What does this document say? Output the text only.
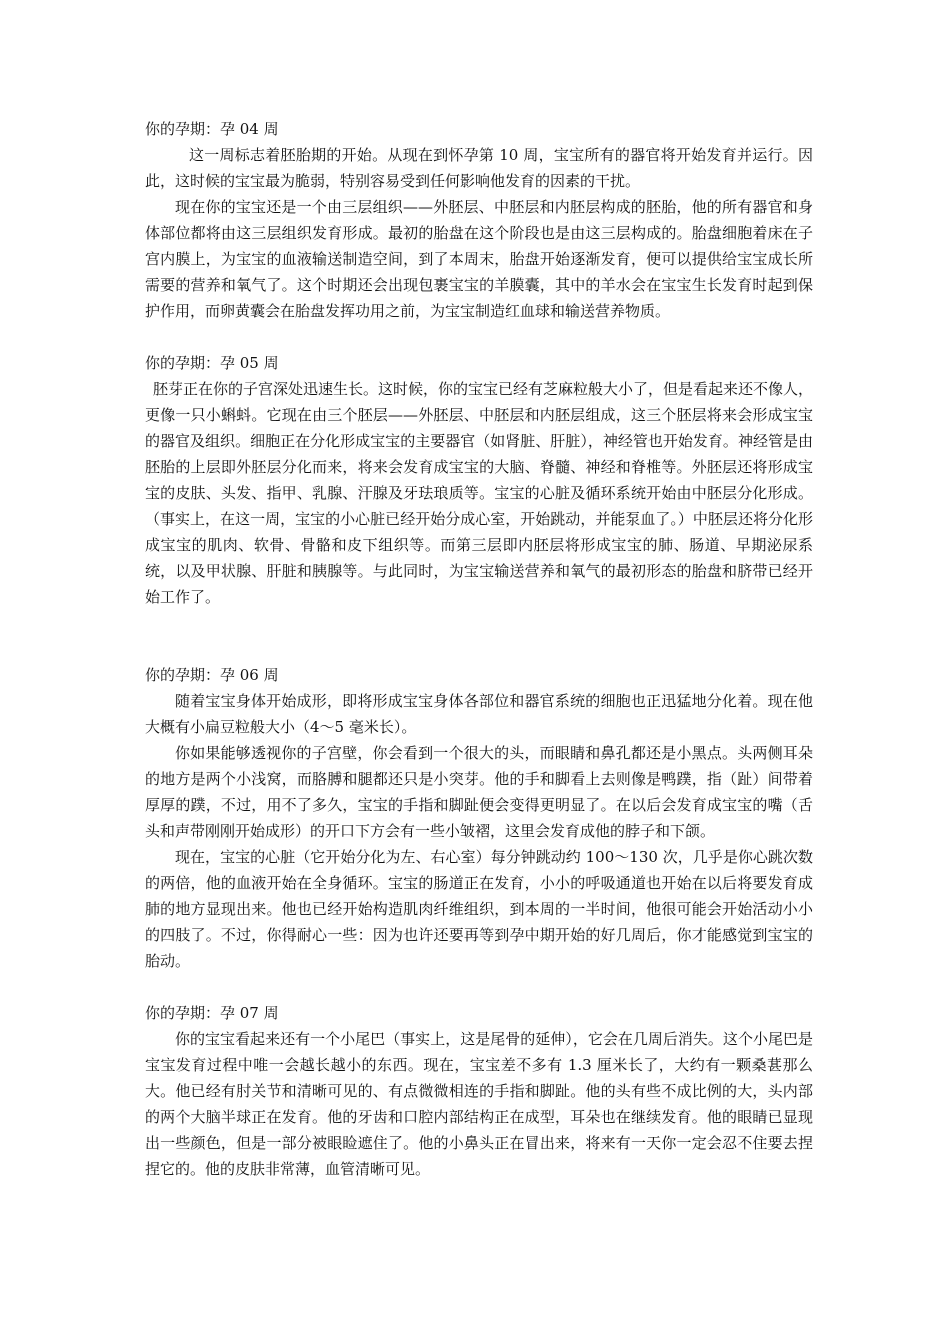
你的孕期：孕 04 周

这一周标志着胚胎期的开始。从现在到怀孕第 10 周，宝宝所有的器官将开始发育并运行。因此，这时候的宝宝最为脆弱，特别容易受到任何影响他发育的因素的干扰。

现在你的宝宝还是一个由三层组织——外胚层、中胚层和内胚层构成的胚胎，他的所有器官和身体部位都将由这三层组织发育形成。最初的胎盘在这个阶段也是由这三层构成的。胎盘细胞着床在子宫内膜上，为宝宝的血液输送制造空间，到了本周末，胎盘开始逐渐发育，便可以提供给宝宝成长所需要的营养和氧气了。这个时期还会出现包裹宝宝的羊膜囊，其中的羊水会在宝宝生长发育时起到保护作用，而卵黄囊会在胎盘发挥功用之前，为宝宝制造红血球和输送营养物质。

你的孕期：孕 05 周

胚芽正在你的子宫深处迅速生长。这时候，你的宝宝已经有芝麻粒般大小了，但是看起来还不像人，更像一只小蝌蚪。它现在由三个胚层——外胚层、中胚层和内胚层组成，这三个胚层将来会形成宝宝的器官及组织。细胞正在分化形成宝宝的主要器官（如肾脏、肝脏），神经管也开始发育。神经管是由胚胎的上层即外胚层分化而来，将来会发育成宝宝的大脑、脊髓、神经和脊椎等。外胚层还将形成宝宝的皮肤、头发、指甲、乳腺、汗腺及牙珐琅质等。宝宝的心脏及循环系统开始由中胚层分化形成。（事实上，在这一周，宝宝的小心脏已经开始分成心室，开始跳动，并能泵血了。）中胚层还将分化形成宝宝的肌肉、软骨、骨骼和皮下组织等。而第三层即内胚层将形成宝宝的肺、肠道、早期泌尿系统，以及甲状腺、肝脏和胰腺等。与此同时，为宝宝输送营养和氧气的最初形态的胎盘和脐带已经开始工作了。

你的孕期：孕 06 周

随着宝宝身体开始成形，即将形成宝宝身体各部位和器官系统的细胞也正迅猛地分化着。现在他大概有小扁豆粒般大小（4～5 毫米长）。

你如果能够透视你的子宫壁，你会看到一个很大的头，而眼睛和鼻孔都还是小黑点。头两侧耳朵的地方是两个小浅窝，而胳膊和腿都还只是小突芽。他的手和脚看上去则像是鸭蹼，指（趾）间带着厚厚的蹼，不过，用不了多久，宝宝的手指和脚趾便会变得更明显了。在以后会发育成宝宝的嘴（舌头和声带刚刚开始成形）的开口下方会有一些小皱褶，这里会发育成他的脖子和下颌。

现在，宝宝的心脏（它开始分化为左、右心室）每分钟跳动约 100～130 次，几乎是你心跳次数的两倍，他的血液开始在全身循环。宝宝的肠道正在发育，小小的呼吸通道也开始在以后将要发育成肺的地方显现出来。他也已经开始构造肌肉纤维组织，到本周的一半时间，他很可能会开始活动小小的四肢了。不过，你得耐心一些：因为也许还要再等到孕中期开始的好几周后，你才能感觉到宝宝的胎动。

你的孕期：孕 07 周

你的宝宝看起来还有一个小尾巴（事实上，这是尾骨的延伸），它会在几周后消失。这个小尾巴是宝宝发育过程中唯一会越长越小的东西。现在，宝宝差不多有 1.3 厘米长了，大约有一颗桑葚那么大。他已经有肘关节和清晰可见的、有点微微相连的手指和脚趾。他的头有些不成比例的大，头内部的两个大脑半球正在发育。他的牙齿和口腔内部结构正在成型，耳朵也在继续发育。他的眼睛已显现出一些颜色，但是一部分被眼睑遮住了。他的小鼻头正在冒出来，将来有一天你一定会忍不住要去捏捏它的。他的皮肤非常薄，血管清晰可见。
